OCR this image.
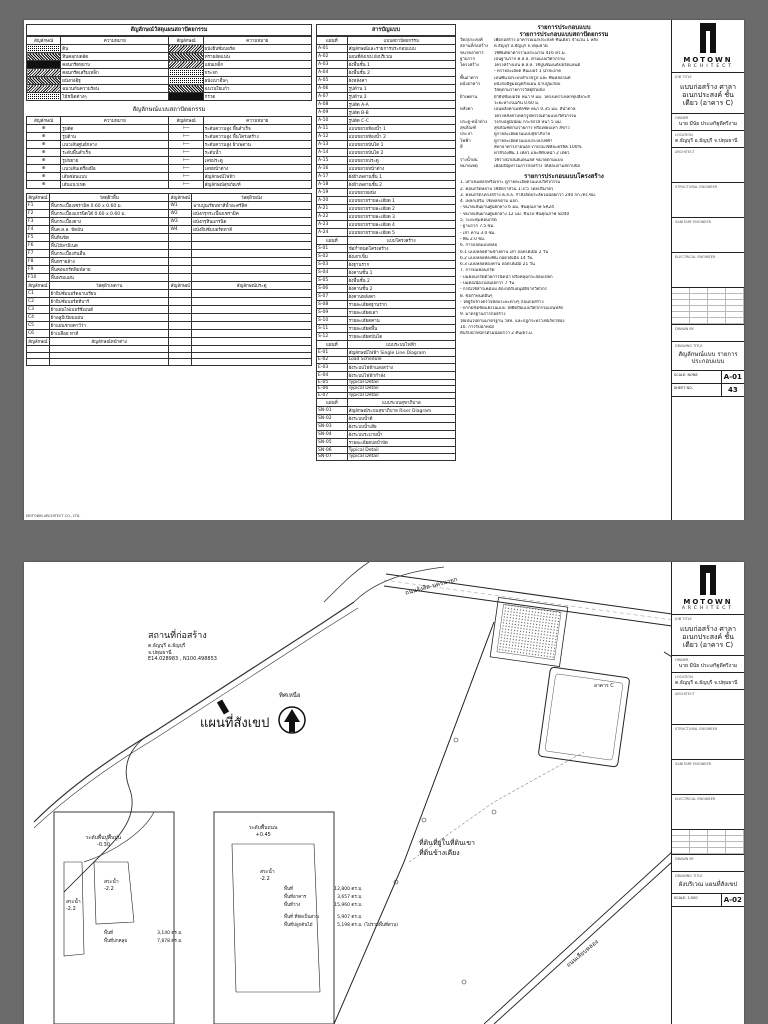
สัญลักษณ์วัสดุแผนสถาปัตยกรรม
สัญลักษณ์	ความหมาย	สัญลักษณ์	ความหมาย
	ดิน		ผนังยิปซั่มบอร์ด
	หินคลุกบดอัด		ทรายอัดแน่น
	คอนกรีตหยาบ		แผ่นเหล็ก
	คอนกรีตเสริมเหล็ก		กระจก
	ผนังก่ออิฐ		ผนังเบาอื่นๆ
	ฉนวนกันความร้อน		ฉนวนใยแก้ว
	ไม้ชนิดต่างๆ		กรวด
สัญลักษณ์แบบสถาปัตยกรรม
สัญลักษณ์	ความหมาย	สัญลักษณ์	ความหมาย
⊕	รูปตัด	⊢─	ระดับความสูง พื้นสำเร็จ
⊕	รูปด้าน	⊢─	ระดับความสูง พื้นโครงสร้าง
⊕	แนวเส้นศูนย์กลาง	⊢─	ระดับความสูง ฝ้าเพดาน
⊕	ระดับพื้นสำเร็จ	⊢─	ระดับน้ำ
⊕	รูปขยาย	⊢─	เลขประตู
⊕	แนวเส้นเครื่องมือ	⊢─	เลขหน้าต่าง
⊕	เส้นซ่อนแบบ	⊢─	สัญลักษณ์ไฟฟ้า
⊕	เส้นแนวเขต	⊢─	สัญลักษณ์สุขภัณฑ์
สัญลักษณ์	วัสดุผิวพื้น	สัญลักษณ์	วัสดุผิวผนัง
F1	พื้นกระเบื้องเซรามิค 0.60 x 0.60 ม.	W1	ฉาบปูนเรียบทาสีน้ำอะครีลิค
F2	พื้นกระเบื้องแกรนิตโต้ 0.60 x 0.60 ม.	W2	ผนังกรุกระเบื้องเซรามิค
F3	พื้นกระเบื้องยาง	W3	ผนังกรุหินแกรนิต
F4	พื้นค.ส.ล. ขัดมัน	W4	ผนังยิปซั่มบอร์ดทาสี
F5	พื้นหินขัด		
F6	พื้นไม้ลามิเนต		
F7	พื้นกระเบื้องกันลื่น		
F8	พื้นทรายล้าง		
F9	พื้นคอนกรีตพิมพ์ลาย		
F10	พื้นพรมแผ่น		
สัญลักษณ์	วัสดุฝ้าเพดาน	สัญลักษณ์	สัญลักษณ์ประตู
C1	ฝ้ายิปซั่มบอร์ดฉาบเรียบ		
C2	ฝ้ายิปซั่มบอร์ดทีบาร์		
C3	ฝ้าแผ่นไฟเบอร์ซีเมนต์		
C4	ฝ้าอลูมิเนียมแผ่น		
C5	ฝ้าแผ่นชายคาวีว่า		
C6	ฝ้าเปลือย ทาสี		
สัญลักษณ์	สัญลักษณ์หน้าต่าง		

สารบัญแบบ
แผ่นที่	แบบสถาปัตยกรรม
A-01	สัญลักษณ์และรายการประกอบแบบ
A-02	แผนที่สังเขป ผังบริเวณ
A-03	ผังพื้นชั้น 1
A-04	ผังพื้นชั้น 2
A-05	ผังหลังคา
A-06	รูปด้าน 1
A-07	รูปด้าน 2
A-08	รูปตัด A-A
A-09	รูปตัด B-B
A-10	รูปตัด C-C
A-11	แบบขยายห้องน้ำ 1
A-12	แบบขยายห้องน้ำ 2
A-13	แบบขยายบันได 1
A-14	แบบขยายบันได 2
A-15	แบบขยายประตู
A-16	แบบขยายหน้าต่าง
A-17	ผังฝ้าเพดานชั้น 1
A-18	ผังฝ้าเพดานชั้น 2
A-19	แบบขยายผนัง
A-20	แบบขยายรายละเอียด 1
A-21	แบบขยายรายละเอียด 2
A-22	แบบขยายรายละเอียด 3
A-23	แบบขยายรายละเอียด 4
A-24	แบบขยายรายละเอียด 5
แผ่นที่	แบบโครงสร้าง
S-01	ข้อกำหนดโครงสร้าง
S-02	ผังเสาเข็ม
S-03	ผังฐานราก
S-04	ผังคานชั้น 1
S-05	ผังพื้นชั้น 2
S-06	ผังคานชั้น 2
S-07	ผังคานหลังคา
S-08	รายละเอียดฐานราก
S-09	รายละเอียดเสา
S-10	รายละเอียดคาน
S-11	รายละเอียดพื้น
S-12	รายละเอียดบันได
แผ่นที่	แบบระบบไฟฟ้า
E-01	สัญลักษณ์ไฟฟ้า Single Line Diagram
E-02	Load Schedule
E-03	ผังระบบไฟฟ้าแสงสว่าง
E-04	ผังระบบไฟฟ้ากำลัง
E-05	Typical Detail
E-06	Typical Detail
E-07	Typical Detail
แผ่นที่	แบบระบบสุขาภิบาล
SN-01	สัญลักษณ์ระบบสุขาภิบาล Riser Diagram
SN-02	ผังระบบน้ำดี
SN-03	ผังระบบน้ำเสีย
SN-04	ผังระบบระบายน้ำ
SN-05	รายละเอียดบ่อบำบัด
SN-06	Typical Detail
SN-07	Typical Detail
รายการประกอบแบบ
รายการประกอบแบบสถาปัตยกรรม
วัตถุประสงค์	เพื่อก่อสร้าง อาคารอเนกประสงค์ ชั้นเดียว จำนวน 1 หลัง
สถานที่ก่อสร้าง	ต.ธัญบุรี อ.ธัญบุรี จ.ปทุมธานี
ขนาดอาคาร	ใช้พื้นที่อาคารรวมประมาณ 416 ตร.ม.
ฐานราก	เป็นฐานราก ค.ส.ล. ตามแบบวิศวกรรม
โครงสร้าง	โครงสร้างเป็น ค.ส.ล. ใช้ปูนซีเมนต์ปอร์ตแลนด์
- ทรายละเอียด หินเบอร์ 1 น้ำสะอาด
พื้นอาคาร	เป็นพื้นไม้ระบบสำเร็จรูป และ พื้นหล่อในที่
ผนังอาคาร	ผนังก่ออิฐมอญครึ่งแผ่น ฉาบปูนเรียบ
วัสดุตามรายการวัสดุผิวผนัง
ฝ้าเพดาน	ฝ้ายิปซั่มบอร์ด หนา 9 มม. โครงเคร่าเหล็กชุบสังกะสี
ระยะห่างไม่เกิน 0.60 ม.
หลังคา	เป็นหลังคาเมทัลชีท หนา 0.35 มม. สีน้ำตาล
โครงหลังคาเหล็กรูปพรรณตามแบบวิศวกรรม
ประตู-หน้าต่าง	วงกบอลูมิเนียม กระจกใส หนา 5 มม.
สุขภัณฑ์	สุขภัณฑ์ตามรายการ หรือเทียบเท่า สีขาว
ประปา	ดูรายละเอียดในแบบสุขาภิบาล
ไฟฟ้า	ดูรายละเอียดในแบบระบบไฟฟ้า
สี	สีทาอาคารภายนอก-ภายในใช้สีอะครีลิค 100%
ทาสีรองพื้น 1 เที่ยว และสีทับหน้า 2 เที่ยว
รางน้ำฝน	ใช้รางน้ำฝนสแตนเลส ขนาดตามแบบ
หมายเหตุ	เมื่อมีปัญหาในการก่อสร้าง ให้สอบถามสถาปนิก
รายการประกอบแบบโครงสร้าง
1. เสาเข็มตอกหรือเจาะ ดูรายละเอียดในแบบวิศวกรรม
2. คอนกรีตหยาบ ใช้อัตราส่วน 1:3:5 โดยปริมาตร
3. คอนกรีตโครงสร้าง ค.ส.ล. กำลังอัดประลัยไม่น้อยกว่า 240 กก./ตร.ซม.
4. เหล็กเสริม ใช้เหล็กตาม มอก.
- ขนาดเส้นผ่านศูนย์กลาง 6 มม. ชั้นคุณภาพ SR24
- ขนาดเส้นผ่านศูนย์กลาง 12 มม. ขึ้นไป ชั้นคุณภาพ SD40
5. ระยะหุ้มคอนกรีต
- ฐานราก 7.5 ซม.
- เสา คาน 3.0 ซม.
- พื้น 2.0 ซม.
6. การถอดแบบหล่อ
6.1 แบบหล่อด้านข้างคาน เสา ถอดได้เมื่อ 2 วัน
6.2 แบบหล่อท้องพื้น ถอดได้เมื่อ 14 วัน
6.3 แบบหล่อท้องคาน ถอดได้เมื่อ 21 วัน
7. การบ่มคอนกรีต
- บ่มคอนกรีตด้วยการฉีดน้ำ หรือคลุมกระสอบเปียก
- บ่มต่อเนื่องไม่น้อยกว่า 7 วัน
- กรณีใช้สารเคมีบ่ม ต้องได้รับอนุมัติจากวิศวกร
8. ข้อกำหนดอื่นๆ
- ให้ผู้รับจ้างตรวจสอบระยะต่างๆ ก่อนก่อสร้าง
- หากมีข้อขัดแย้งในแบบ ให้ยึดถือแบบวิศวกรรมเป็นหลัก
9. มาตรฐานการก่อสร้าง
ให้เป็นไปตามมาตรฐาน วสท. และกฎกระทรวงที่เกี่ยวข้อง
10. การรับน้ำหนัก
ดินรับน้ำหนักได้ไม่น้อยกว่า 2 ตัน/ตร.ม.
MOTOWN ARCHITECT CO., LTD.
MOTOWN
ARCHITECT
JOB TITLE
แบบก่อสร้าง ศาลาอเนกประสงค์ ชั้นเดียว (อาคาร C)
OWNER
นาย มีนัย ประเสริฐดีศรีงาม
LOCATION
ต.ธัญบุรี อ.ธัญบุรี จ.ปทุมธานี
ARCHITECT
STRUCTURAL ENGINEER
SANITARY ENGINEER
ELECTRICAL ENGINEER
DRAWN BY
DRAWING TITLE
สัญลักษณ์แบบ รายการประกอบแบบ
SCALE: NONE	A-01
SHEET NO.	43
สถานที่ก่อสร้าง
ต.ธัญบุรี อ.ธัญบุรี
จ.ปทุมธานี
E14.028983 , N100.498853
ทิศเหนือ
แผนที่สังเขป
ถนนรังสิต-นครนายก
ถนนเลียบคลอง
อาคาร C
พื้นที่	12,800 ตร.ม.
พื้นที่อาคาร	3,657 ตร.ม.
พื้นที่ว่าง	15,960 ตร.ม.
พื้นที่ ที่จัดเป็นสวน	5,907 ตร.ม.
พื้นที่ปลูกต้นไม้	5,198 ตร.ม. (ไม่รวมพื้นที่สวน)
พื้นที่	3,140 ตร.ม.
พื้นที่ปกคลุม	7,878 ตร.ม.
ระดับพื้นปูพื้นปูน
-0.30
ระดับพื้นถนน
+0.45
สระน้ำ
-2.2
สระน้ำ
-2.2
สระน้ำ
-2.2
ที่ดินที่ยู่ในที่ดินเขา
ที่ดินข้างเคียง
MOTOWN
ARCHITECT
JOB TITLE
แบบก่อสร้าง ศาลาอเนกประสงค์ ชั้นเดียว (อาคาร C)
OWNER
นาย มีนัย ประเสริฐดีศรีงาม
LOCATION
ต.ธัญบุรี อ.ธัญบุรี จ.ปทุมธานี
ARCHITECT
STRUCTURAL ENGINEER
SANITARY ENGINEER
ELECTRICAL ENGINEER
DRAWN BY
DRAWING TITLE
ผังบริเวณ แผนที่สังเขป
SCALE: 1:500	A-02
